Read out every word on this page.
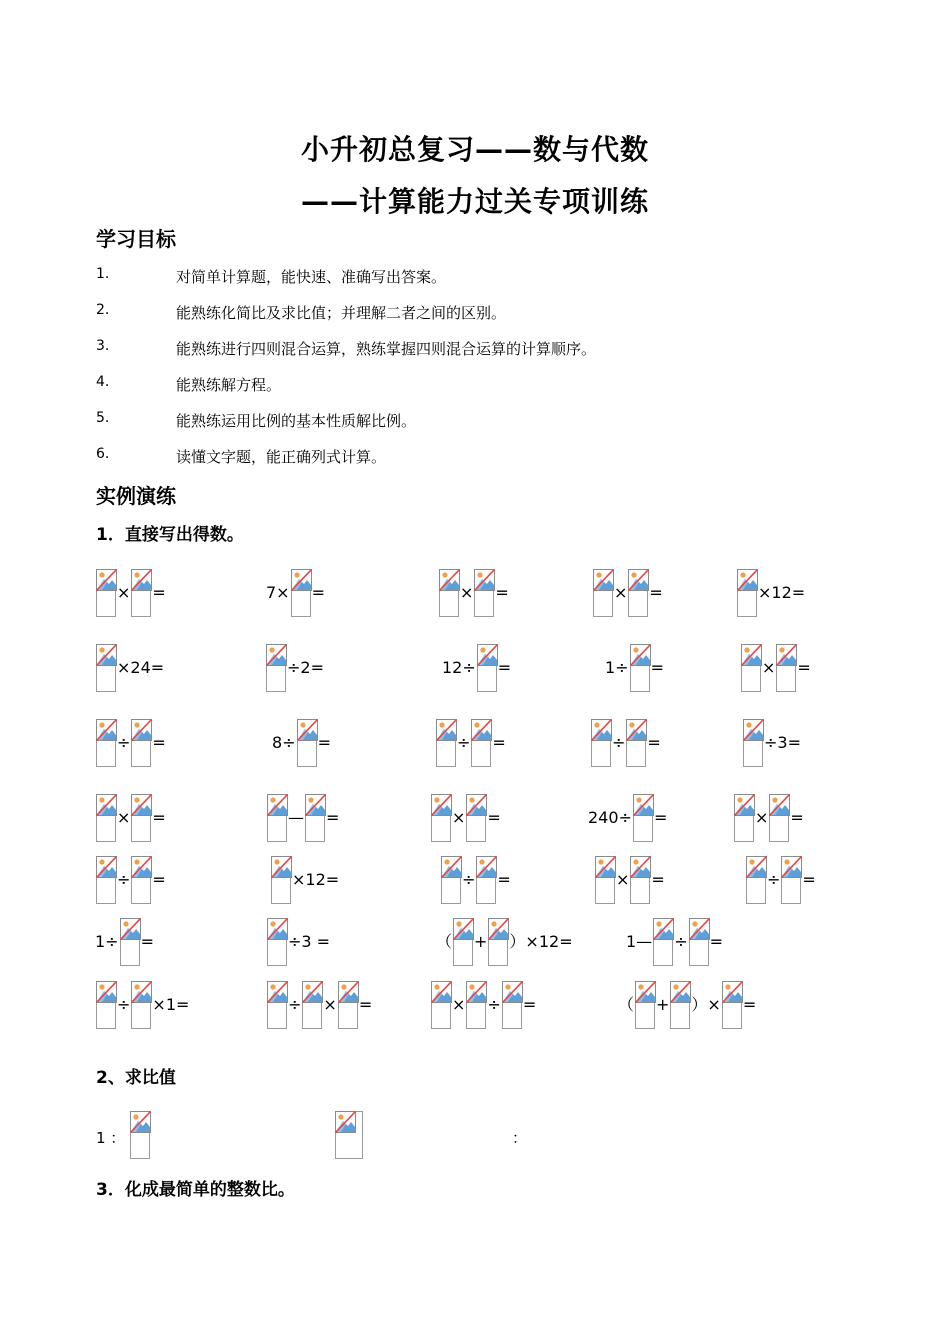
小升初总复习——数与代数
——计算能力过关专项训练
学习目标
1.	对简单计算题，能快速、准确写出答案。
2.	能熟练化简比及求比值；并理解二者之间的区别。
3.	能熟练进行四则混合运算，熟练掌握四则混合运算的计算顺序。
4.	能熟练解方程。
5.	能熟练运用比例的基本性质解比例。
6.	读懂文字题，能正确列式计算。
实例演练
1．直接写出得数。
× =	7× =	× =	× =	×12=
×24=	÷2=	12÷ =	1÷ =	× =
÷ =	8÷ =	÷ =	÷ =	÷3=
× =	— =	× =	240÷ =	× =
÷ =	×12=	÷ =	× =	÷ =
1÷ =	÷3 =	（ + ）×12=	1— ÷ =
÷ ×1=	÷ × =	× ÷ =	（ + ）× =
2、求比值
1 ：	：
3．化成最简单的整数比。
